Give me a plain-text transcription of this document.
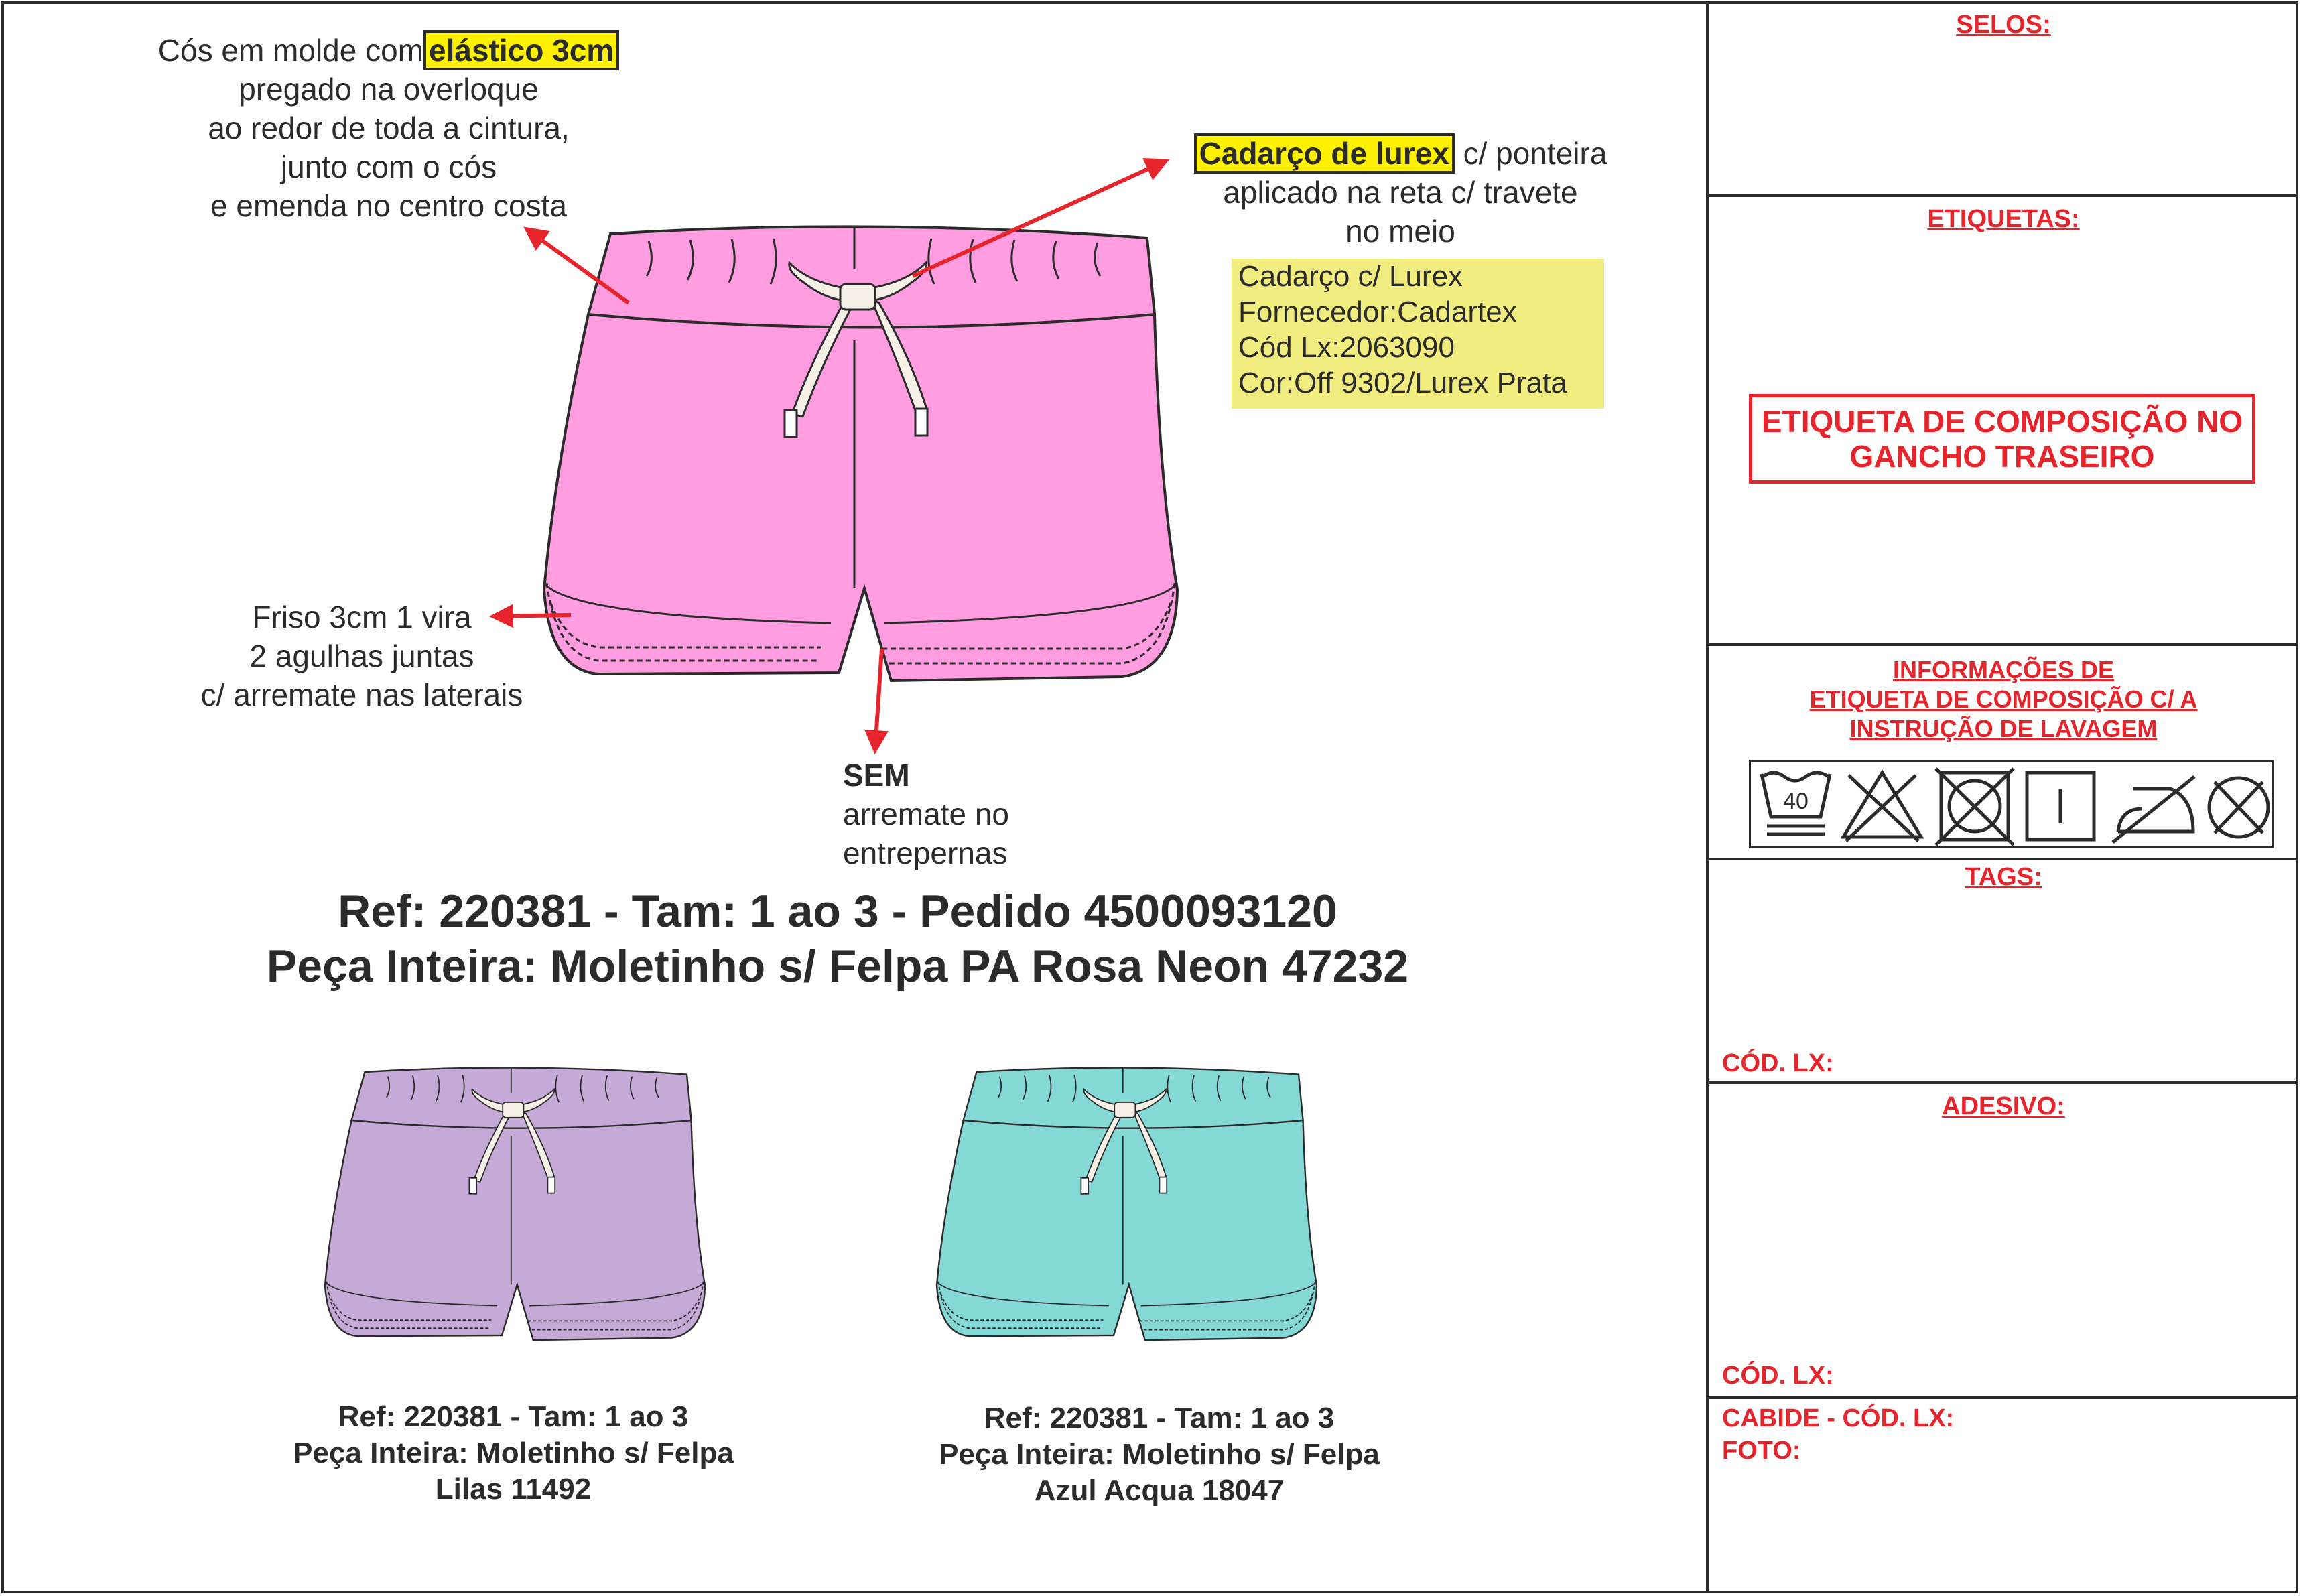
Cós em molde com elástico 3cm
pregado na overloque
ao redor de toda a cintura,
junto com o cós
e emenda no centro costa
Cadarço de lurex c/ ponteira
aplicado na reta c/ travete
no meio
Cadarço c/ Lurex
Fornecedor:Cadartex
Cód Lx:2063090
Cor:Off 9302/Lurex Prata
Friso 3cm 1 vira
2 agulhas juntas
c/ arremate nas laterais
SEM
arremate no
entrepernas
Ref: 220381 - Tam: 1 ao 3 - Pedido 4500093120
Peça Inteira: Moletinho s/ Felpa PA Rosa Neon 47232
Ref: 220381 - Tam: 1 ao 3
Peça Inteira: Moletinho s/ Felpa
Lilas 11492
Ref: 220381 - Tam: 1 ao 3
Peça Inteira: Moletinho s/ Felpa
Azul Acqua 18047
SELOS:
ETIQUETAS:
ETIQUETA DE COMPOSIÇÃO NO
GANCHO TRASEIRO
INFORMAÇÕES DE
ETIQUETA DE COMPOSIÇÃO C/ A
INSTRUÇÃO DE LAVAGEM
40
TAGS:
CÓD. LX:
ADESIVO:
CÓD. LX:
CABIDE - CÓD. LX:
FOTO:
